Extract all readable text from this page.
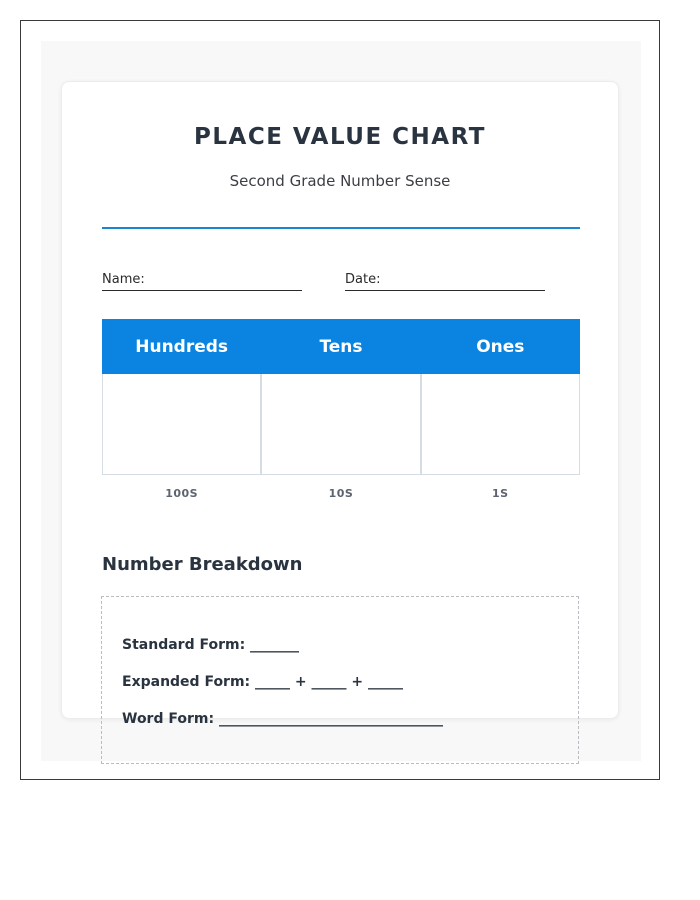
PLACE VALUE CHART
Second Grade Number Sense
Name:	Date:
Hundreds	Tens	Ones
100S	10S	1S
Number Breakdown
Standard Form: _______
Expanded Form: _____ + _____ + _____
Word Form: ________________________________
